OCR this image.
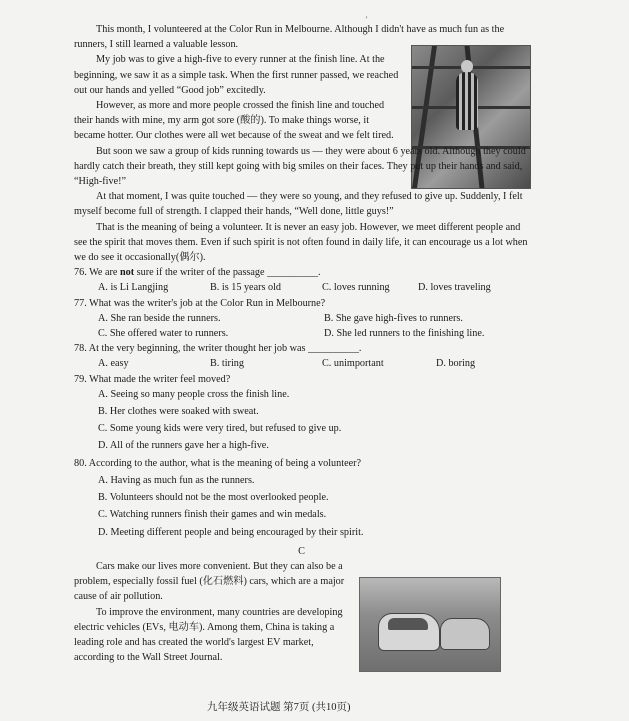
'

This month, I volunteered at the Color Run in Melbourne. Although I didn't have as much fun as the runners, I still learned a valuable lesson.

My job was to give a high-five to every runner at the finish line. At the beginning, we saw it as a simple task. When the first runner passed, we reached out our hands and yelled “Good job” excitedly.

However, as more and more people crossed the finish line and touched their hands with mine, my arm got sore (酸的). To make things worse, it became hotter. Our clothes were all wet because of the sweat and we felt tired.

But soon we saw a group of kids running towards us — they were about 6 years old. Although they could hardly catch their breath, they still kept going with big smiles on their faces. They put up their hands and said, “High-five!”

At that moment, I was quite touched — they were so young, and they refused to give up. Suddenly, I felt myself become full of strength. I clapped their hands, “Well done, little guys!”

That is the meaning of being a volunteer. It is never an easy job. However, we meet different people and see the spirit that moves them. Even if such spirit is not often found in daily life, it can encourage us a lot when we do see it occasionally(偶尔).

76. We are not sure if the writer of the passage __________.

A. is Li Langjing	B. is 15 years old	C. loves running	D. loves traveling

77. What was the writer's job at the Color Run in Melbourne?

A. She ran beside the runners.	B. She gave high-fives to runners.
C. She offered water to runners.	D. She led runners to the finishing line.

78. At the very beginning, the writer thought her job was __________.

A. easy	B. tiring	C. unimportant	D. boring

79. What made the writer feel moved?

A. Seeing so many people cross the finish line.

B. Her clothes were soaked with sweat.

C. Some young kids were very tired, but refused to give up.

D. All of the runners gave her a high-five.

80. According to the author, what is the meaning of being a volunteer?

A. Having as much fun as the runners.

B. Volunteers should not be the most overlooked people.

C. Watching runners finish their games and win medals.

D. Meeting different people and being encouraged by their spirit.

C

Cars make our lives more convenient. But they can also be a problem, especially fossil fuel (化石燃料) cars, which are a major cause of air pollution.

To improve the environment, many countries are developing electric vehicles (EVs, 电动车). Among them, China is taking a leading role and has created the world's largest EV market, according to the Wall Street Journal.

九年级英语试题 第7页 (共10页)
